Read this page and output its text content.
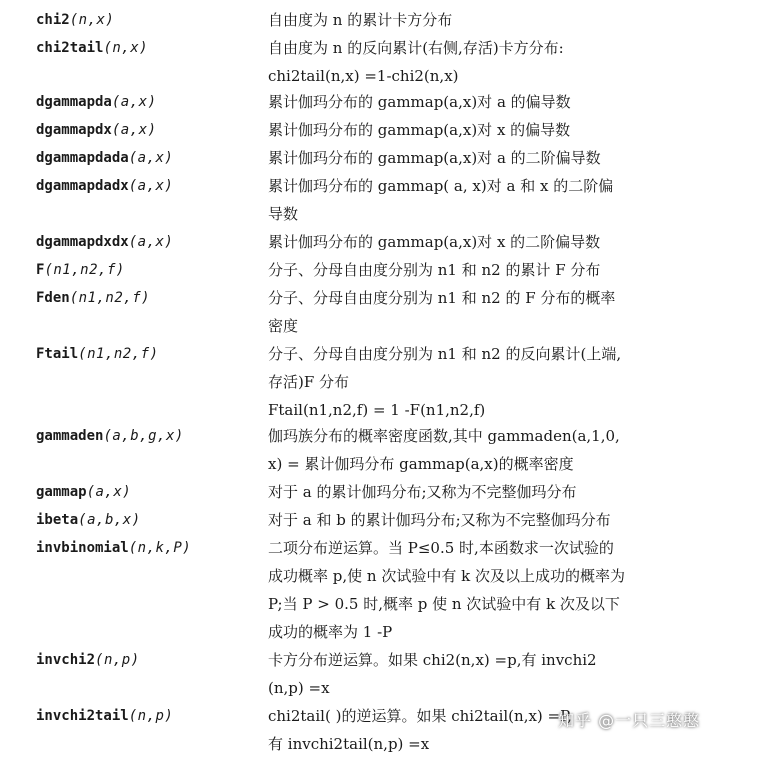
chi2(n,x)	自由度为 n 的累计卡方分布
chi2tail(n,x)	自由度为 n 的反向累计(右侧,存活)卡方分布:
chi2tail(n,x) =1-chi2(n,x)
dgammapda(a,x)	累计伽玛分布的 gammap(a,x)对 a 的偏导数
dgammapdx(a,x)	累计伽玛分布的 gammap(a,x)对 x 的偏导数
dgammapdada(a,x)	累计伽玛分布的 gammap(a,x)对 a 的二阶偏导数
dgammapdadx(a,x)	累计伽玛分布的 gammap( a, x)对 a 和 x 的二阶偏
导数
dgammapdxdx(a,x)	累计伽玛分布的 gammap(a,x)对 x 的二阶偏导数
F(n1,n2,f)	分子、分母自由度分别为 n1 和 n2 的累计 F 分布
Fden(n1,n2,f)	分子、分母自由度分别为 n1 和 n2 的 F 分布的概率
密度
Ftail(n1,n2,f)	分子、分母自由度分别为 n1 和 n2 的反向累计(上端,
存活)F 分布
Ftail(n1,n2,f) = 1 -F(n1,n2,f)
gammaden(a,b,g,x)	伽玛族分布的概率密度函数,其中 gammaden(a,1,0,
x) = 累计伽玛分布 gammap(a,x)的概率密度
gammap(a,x)	对于 a 的累计伽玛分布;又称为不完整伽玛分布
ibeta(a,b,x)	对于 a 和 b 的累计伽玛分布;又称为不完整伽玛分布
invbinomial(n,k,P)	二项分布逆运算。当 P≤0.5 时,本函数求一次试验的
成功概率 p,使 n 次试验中有 k 次及以上成功的概率为
P;当 P > 0.5 时,概率 p 使 n 次试验中有 k 次及以下
成功的概率为 1 -P
invchi2(n,p)	卡方分布逆运算。如果 chi2(n,x) =p,有 invchi2
(n,p) =x
invchi2tail(n,p)	chi2tail( )的逆运算。如果 chi2tail(n,x) =P,
有 invchi2tail(n,p) =x
知乎 @一只三憨憨
